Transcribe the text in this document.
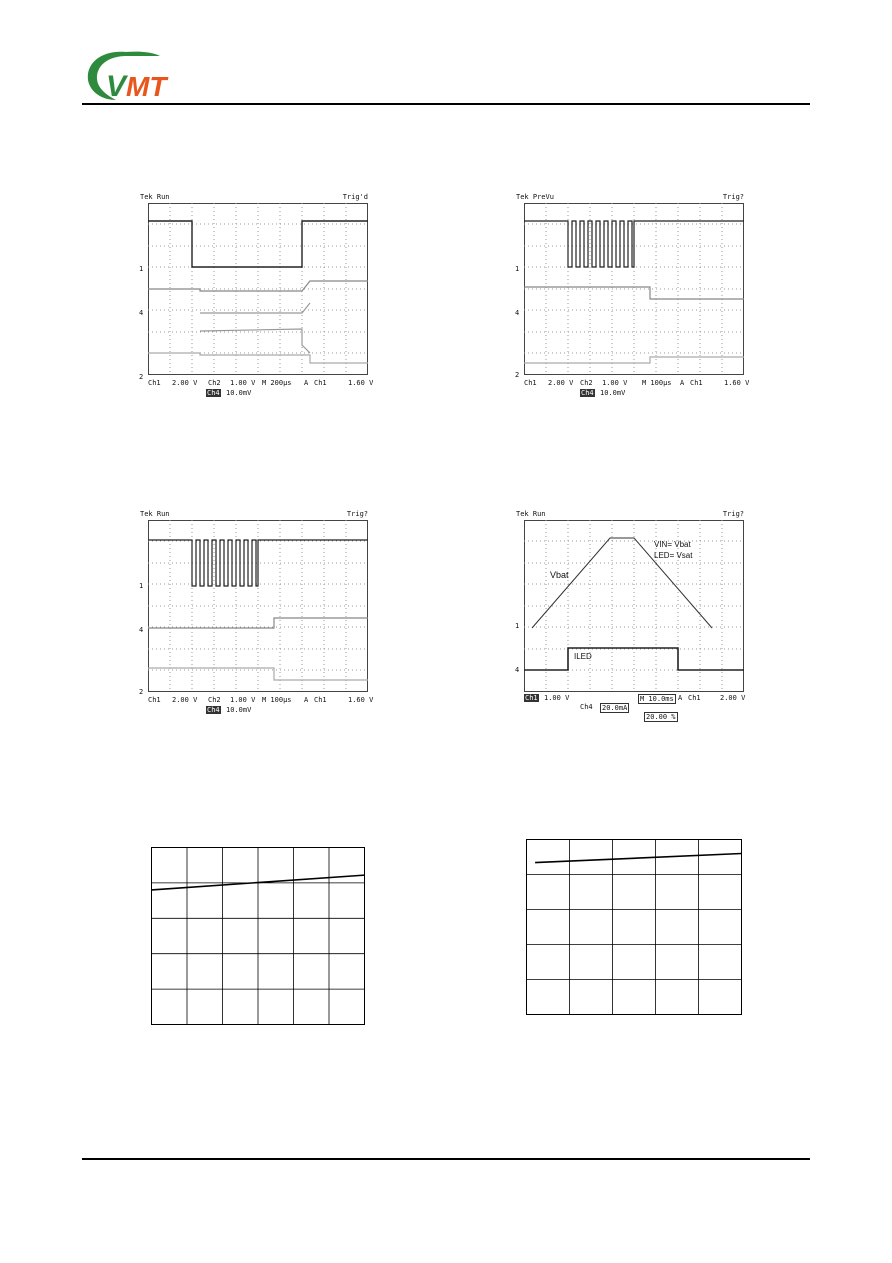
V MT
Tek Run	Trig'd
1
4
2
Ch1 2.00 V Ch2 1.00 V M 200µs A Ch1	1.60 V
Ch4 10.0mV
Tek PreVu	Trig?
1
4
2
Ch1 2.00 V Ch2 1.00 V M 100µs A Ch1	1.60 V
Ch4 10.0mV
Tek Run	Trig?
1
4
2
Ch1 2.00 V Ch2 1.00 V M 100µs A Ch1	1.60 V
Ch4 10.0mV
Tek Run	Trig?
Vbat
VIN= Vbat
LED= Vsat
ILED
1
4
Ch1 1.00 V	M 10.0ms A Ch1	2.00 V
Ch4 20.0mA
20.00 %
